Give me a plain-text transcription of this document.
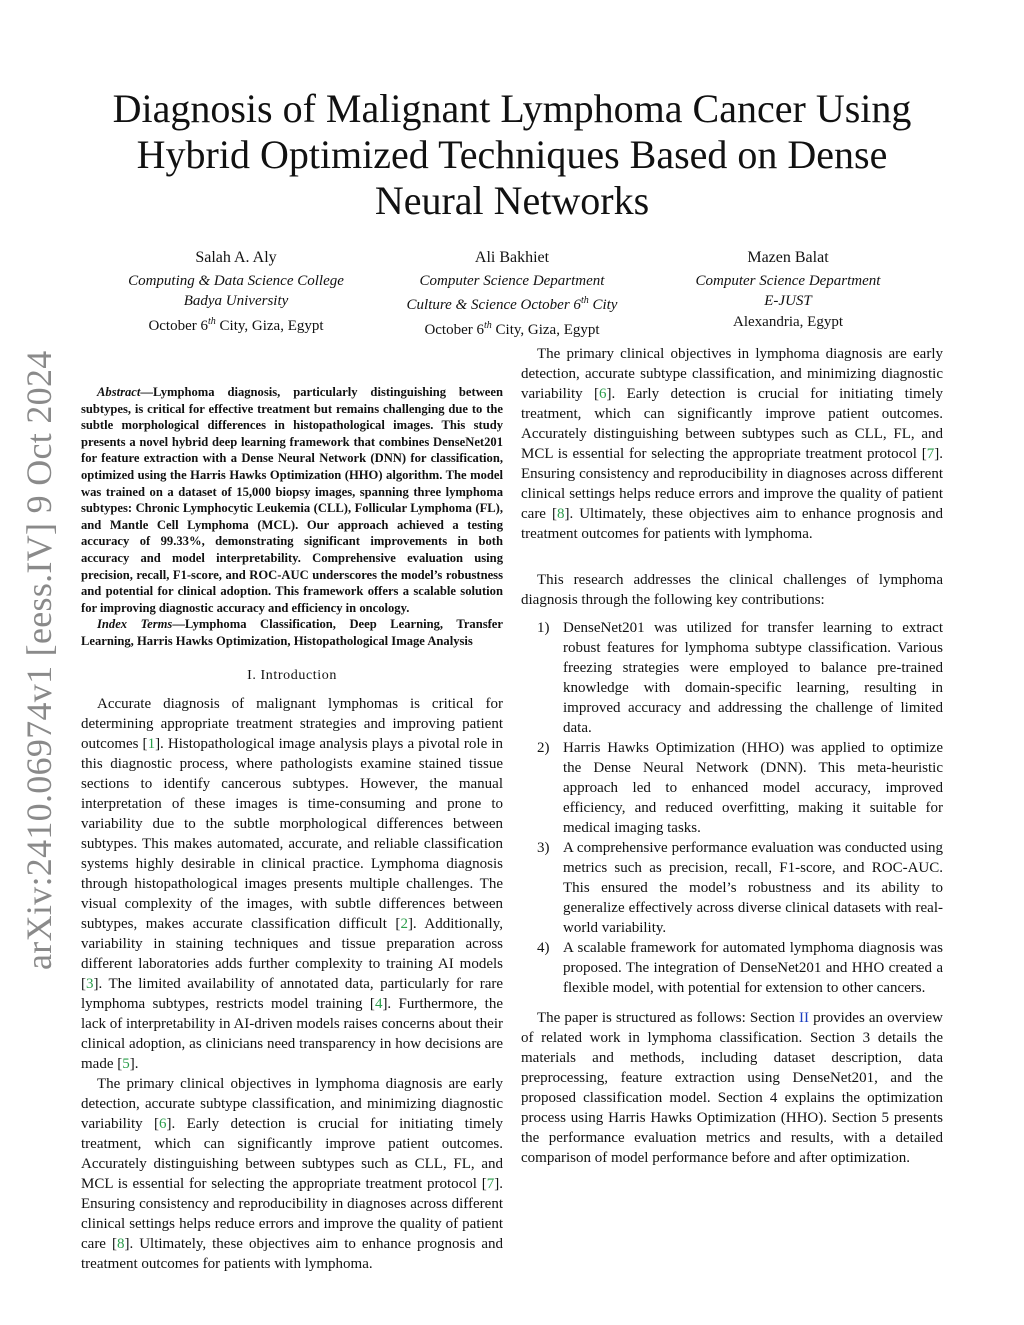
arXiv:2410.06974v1 [eess.IV] 9 Oct 2024
Diagnosis of Malignant Lymphoma Cancer Using Hybrid Optimized Techniques Based on Dense Neural Networks
Salah A. Aly
Computing & Data Science College
Badya University
October 6th City, Giza, Egypt
Ali Bakhiet
Computer Science Department
Culture & Science October 6th City
October 6th City, Giza, Egypt
Mazen Balat
Computer Science Department
E-JUST
Alexandria, Egypt

Abstract—Lymphoma diagnosis, particularly distinguishing between subtypes, is critical for effective treatment but remains challenging due to the subtle morphological differences in histopathological images. This study presents a novel hybrid deep learning framework that combines DenseNet201 for feature extraction with a Dense Neural Network (DNN) for classification, optimized using the Harris Hawks Optimization (HHO) algorithm. The model was trained on a dataset of 15,000 biopsy images, spanning three lymphoma subtypes: Chronic Lymphocytic Leukemia (CLL), Follicular Lymphoma (FL), and Mantle Cell Lymphoma (MCL). Our approach achieved a testing accuracy of 99.33%, demonstrating significant improvements in both accuracy and model interpretability. Comprehensive evaluation using precision, recall, F1-score, and ROC-AUC underscores the model’s robustness and potential for clinical adoption. This framework offers a scalable solution for improving diagnostic accuracy and efficiency in oncology.

Index Terms—Lymphoma Classification, Deep Learning, Transfer Learning, Harris Hawks Optimization, Histopathological Image Analysis

I. Introduction

Accurate diagnosis of malignant lymphomas is critical for determining appropriate treatment strategies and improving patient outcomes [1]. Histopathological image analysis plays a pivotal role in this diagnostic process, where pathologists examine stained tissue sections to identify cancerous subtypes. However, the manual interpretation of these images is time-consuming and prone to variability due to the subtle morphological differences between subtypes. This makes automated, accurate, and reliable classification systems highly desirable in clinical practice. Lymphoma diagnosis through histopathological images presents multiple challenges. The visual complexity of the images, with subtle differences between subtypes, makes accurate classification difficult [2]. Additionally, variability in staining techniques and tissue preparation across different laboratories adds further complexity to training AI models [3]. The limited availability of annotated data, particularly for rare lymphoma subtypes, restricts model training [4]. Furthermore, the lack of interpretability in AI-driven models raises concerns about their clinical adoption, as clinicians need transparency in how decisions are made [5].

The primary clinical objectives in lymphoma diagnosis are early detection, accurate subtype classification, and minimizing diagnostic variability [6]. Early detection is crucial for initiating timely treatment, which can significantly improve patient outcomes. Accurately distinguishing between subtypes such as CLL, FL, and MCL is essential for selecting the appropriate treatment protocol [7]. Ensuring consistency and reproducibility in diagnoses across different clinical settings helps reduce errors and improve the quality of patient care [8]. Ultimately, these objectives aim to enhance prognosis and treatment outcomes for patients with lymphoma.

The primary clinical objectives in lymphoma diagnosis are early detection, accurate subtype classification, and minimizing diagnostic variability [6]. Early detection is crucial for initiating timely treatment, which can significantly improve patient outcomes. Accurately distinguishing between subtypes such as CLL, FL, and MCL is essential for selecting the appropriate treatment protocol [7]. Ensuring consistency and reproducibility in diagnoses across different clinical settings helps reduce errors and improve the quality of patient care [8]. Ultimately, these objectives aim to enhance prognosis and treatment outcomes for patients with lymphoma.

This research addresses the clinical challenges of lymphoma diagnosis through the following key contributions:

1) DenseNet201 was utilized for transfer learning to extract robust features for lymphoma subtype classification. Various freezing strategies were employed to balance pre-trained knowledge with domain-specific learning, resulting in improved accuracy and addressing the challenge of limited data.
2) Harris Hawks Optimization (HHO) was applied to optimize the Dense Neural Network (DNN). This meta-heuristic approach led to enhanced model accuracy, improved efficiency, and reduced overfitting, making it suitable for medical imaging tasks.
3) A comprehensive performance evaluation was conducted using metrics such as precision, recall, F1-score, and ROC-AUC. This ensured the model’s robustness and its ability to generalize effectively across diverse clinical datasets with real-world variability.
4) A scalable framework for automated lymphoma diagnosis was proposed. The integration of DenseNet201 and HHO created a flexible model, with potential for extension to other cancers.

The paper is structured as follows: Section II provides an overview of related work in lymphoma classification. Section 3 details the materials and methods, including dataset description, data preprocessing, feature extraction using DenseNet201, and the proposed classification model. Section 4 explains the optimization process using Harris Hawks Optimization (HHO). Section 5 presents the performance evaluation metrics and results, with a detailed comparison of model performance before and after optimization.
